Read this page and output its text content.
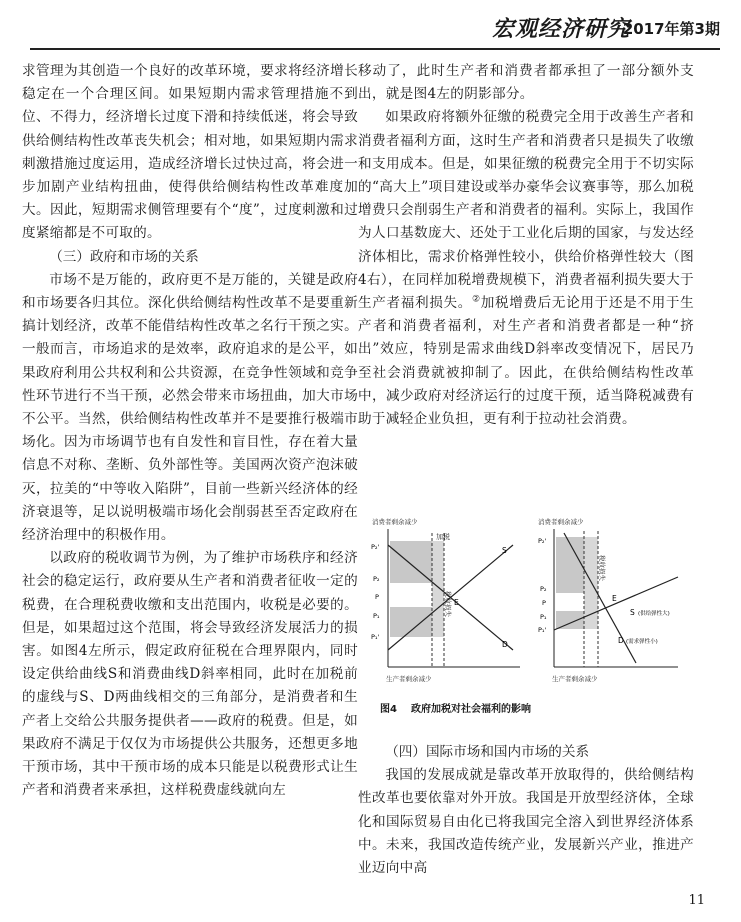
宏观经济研究
2017年第3期

求管理为其创造一个良好的改革环境，要求将经济增长稳定在一个合理区间。如果短期内需求管理措施不到位、不得力，经济增长过度下滑和持续低迷，将会导致供给侧结构性改革丧失机会；相对地，如果短期内需求刺激措施过度运用，造成经济增长过快过高，将会进一步加剧产业结构扭曲，使得供给侧结构性改革难度加大。因此，短期需求侧管理要有个“度”，过度刺激和过度紧缩都是不可取的。

（三）政府和市场的关系

市场不是万能的，政府更不是万能的，关键是政府和市场要各归其位。深化供给侧结构性改革不是要重新搞计划经济，改革不能借结构性改革之名行干预之实。一般而言，市场追求的是效率，政府追求的是公平，如果政府利用公共权利和公共资源，在竞争性领域和竞争性环节进行不当干预，必然会带来市场扭曲，加大市场不公平。当然，供给侧结构性改革并不是要推行极端市场化。因为市场调节也有自发性和盲目性，存在着大量信息不对称、垄断、负外部性等。美国两次资产泡沫破灭，拉美的“中等收入陷阱”，目前一些新兴经济体的经济衰退等，足以说明极端市场化会削弱甚至否定政府在经济治理中的积极作用。

以政府的税收调节为例，为了维护市场秩序和经济社会的稳定运行，政府要从生产者和消费者征收一定的税费，在合理税费收缴和支出范围内，收税是必要的。但是，如果超过这个范围，将会导致经济发展活力的损害。如图4左所示，假定政府征税在合理界限内，同时设定供给曲线S和消费曲线D斜率相同，此时在加税前的虚线与S、D两曲线相交的三角部分，是消费者和生产者上交给公共服务提供者——政府的税费。但是，如果政府不满足于仅仅为市场提供公共服务，还想更多地干预市场，其中干预市场的成本只能是以税费形式让生产者和消费者来承担，这样税费虚线就向左

移动了，此时生产者和消费者都承担了一部分额外支出，就是图4左的阴影部分。

如果政府将额外征缴的税费完全用于改善生产者和消费者福利方面，这时生产者和消费者只是损失了收缴和支用成本。但是，如果征缴的税费完全用于不切实际的“高大上”项目建设或举办豪华会议赛事等，那么加税增费只会削弱生产者和消费者的福利。实际上，我国作为人口基数庞大、还处于工业化后期的国家，与发达经济体相比，需求价格弹性较小，供给价格弹性较大（图4右），在同样加税增费规模下，消费者福利损失要大于生产者福利损失。②加税增费后无论用于还是不用于生产者和消费者福利，对生产者和消费者都是一种“挤出”效应，特别是需求曲线D斜率改变情况下，居民乃至社会消费就被抑制了。因此，在供给侧结构性改革中，减少政府对经济运行的过度干预，适当降税减费有助于减轻企业负担，更有利于拉动社会消费。

消费者剩余减少
加税
税收损失
P₂'
P₂
P
P₁
P₁'
S
D
E
生产者剩余减少
消费者剩余减少
税收损失
P₂'
P₂
P
P₁
P₁'
S (供给弹性大)
D (需求弹性小)
E
生产者剩余减少
图4 政府加税对社会福利的影响

（四）国际市场和国内市场的关系

我国的发展成就是靠改革开放取得的，供给侧结构性改革也要依靠对外开放。我国是开放型经济体，全球化和国际贸易自由化已将我国完全溶入到世界经济体系中。未来，我国改造传统产业，发展新兴产业，推进产业迈向中高

11
